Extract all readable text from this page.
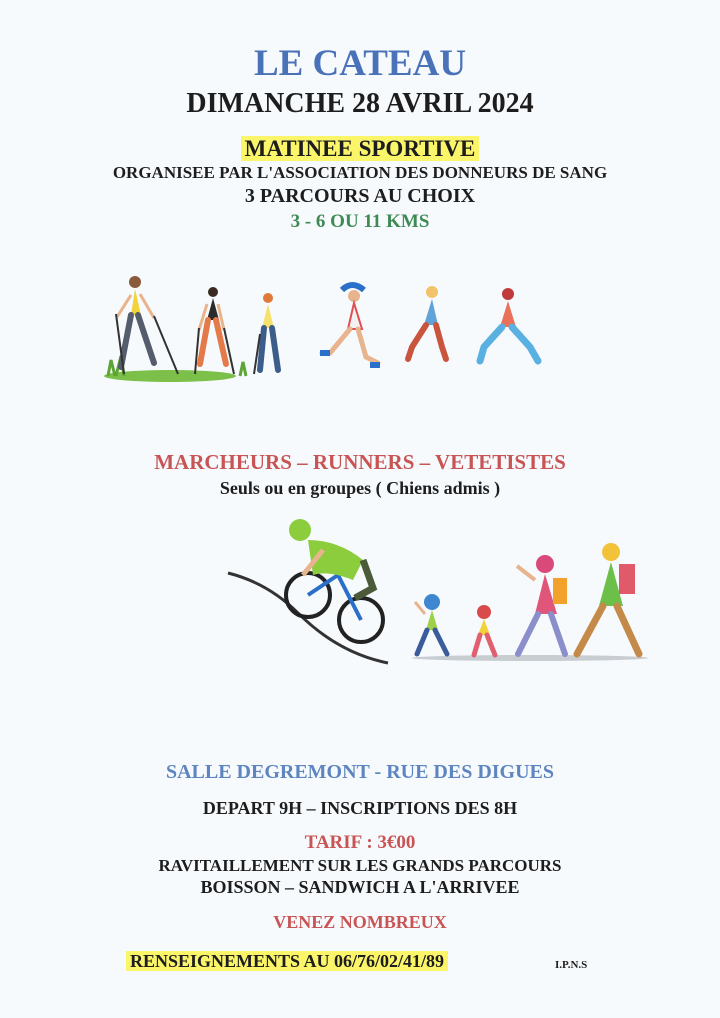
LE CATEAU
DIMANCHE 28 AVRIL 2024
MATINEE SPORTIVE
ORGANISEE PAR L'ASSOCIATION DES DONNEURS DE SANG
3 PARCOURS AU CHOIX
3 - 6 OU 11 KMS
MARCHEURS – RUNNERS – VETETISTES
Seuls ou en groupes ( Chiens admis )
SALLE DEGREMONT - RUE DES DIGUES
DEPART 9H – INSCRIPTIONS DES 8H
TARIF : 3€00
RAVITAILLEMENT SUR LES GRANDS PARCOURS
BOISSON – SANDWICH A L'ARRIVEE
VENEZ NOMBREUX
RENSEIGNEMENTS AU 06/76/02/41/89	I.P.N.S
